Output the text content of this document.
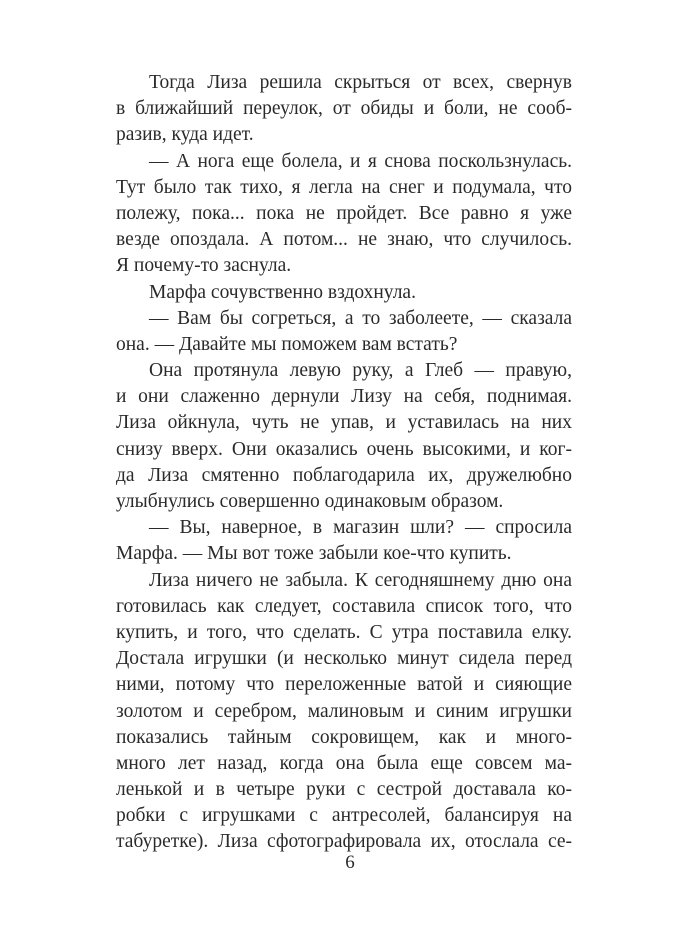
Тогда Лиза решила скрыться от всех, свернув
в ближайший переулок, от обиды и боли, не сооб-
разив, куда идет.
— А нога еще болела, и я снова поскользнулась.
Тут было так тихо, я легла на снег и подумала, что
полежу, пока... пока не пройдет. Все равно я уже
везде опоздала. А потом... не знаю, что случилось.
Я почему-то заснула.
Марфа сочувственно вздохнула.
— Вам бы согреться, а то заболеете, — сказала
она. — Давайте мы поможем вам встать?
Она протянула левую руку, а Глеб — правую,
и они слаженно дернули Лизу на себя, поднимая.
Лиза ойкнула, чуть не упав, и уставилась на них
снизу вверх. Они оказались очень высокими, и ког-
да Лиза смятенно поблагодарила их, дружелюбно
улыбнулись совершенно одинаковым образом.
— Вы, наверное, в магазин шли? — спросила
Марфа. — Мы вот тоже забыли кое-что купить.
Лиза ничего не забыла. К сегодняшнему дню она
готовилась как следует, составила список того, что
купить, и того, что сделать. С утра поставила елку.
Достала игрушки (и несколько минут сидела перед
ними, потому что переложенные ватой и сияющие
золотом и серебром, малиновым и синим игрушки
показались тайным сокровищем, как и много-
много лет назад, когда она была еще совсем ма-
ленькой и в четыре руки с сестрой доставала ко-
робки с игрушками с антресолей, балансируя на
табуретке). Лиза сфотографировала их, отослала се-
6
